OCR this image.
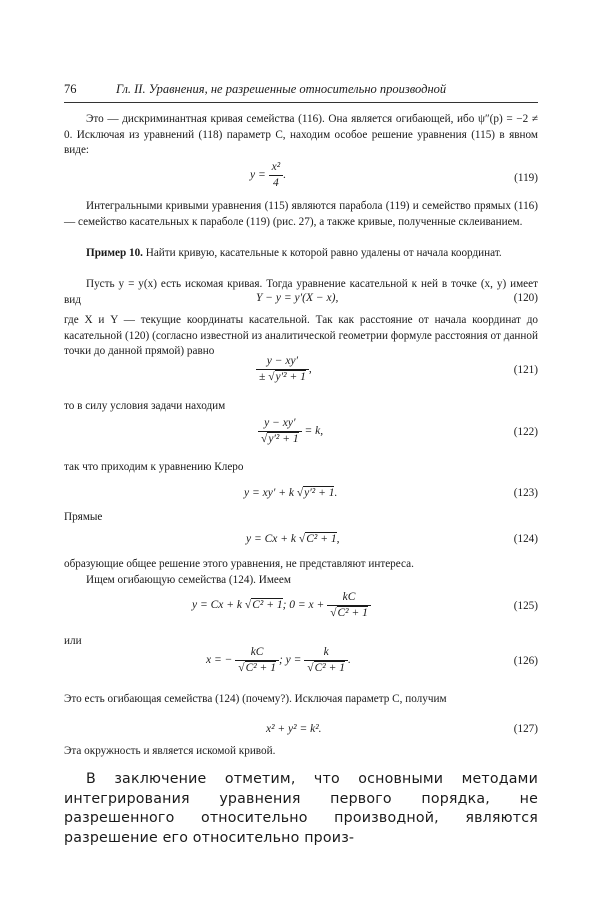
76	Гл. II. Уравнения, не разрешенные относительно производной
Это — дискриминантная кривая семейства (116). Она является огибающей, ибо ψ″(p) = −2 ≠ 0. Исключая из уравнений (118) параметр C, находим особое решение уравнения (115) в явном виде:
$y = \frac{\text{x²}}{4}$ .	(119)
Интегральными кривыми уравнения (115) являются парабола (119) и семейство прямых (116) — семейство касательных к параболе (119) (рис. 27), а также кривые, полученные склеиванием.
Пример 10. Найти кривую, касательные к которой равно удалены от начала координат.
Пусть y = y(x) есть искомая кривая. Тогда уравнение касательной к ней в точке (x, y) имеет вид	Y − y = y′(X − x),	(120)
где X и Y — текущие координаты касательной. Так как расстояние от начала координат до касательной (120) (согласно известной из аналитической геометрии формуле расстояния от данной точки до данной прямой) равно
$\frac{y - xy'}{\text{± √y′² + 1}}$ ,	(121)
то в силу условия задачи находим
$\frac{y - xy'}{\text{√y′² + 1}} = k$,	(122)
так что приходим к уравнению Клеро
y = xy′ + k √y′² + 1.	(123)
Прямые
y = Cx + k √C² + 1,	(124)
образующие общее решение этого уравнения, не представляют интереса.
Ищем огибающую семейства (124). Имеем
y = Cx + k √C² + 1; $0 = x + \frac{kC}{\text{√C² + 1}}$	(125)
или
x = − $\frac{kC}{\text{√C² + 1}}$ ; $y = \frac{k}{\text{√C² + 1}}$ .	(126)
Это есть огибающая семейства (124) (почему?). Исключая параметр C, получим
x² + y² = k².	(127)
Эта окружность и является искомой кривой.
В заключение отметим, что основными методами интегрирования уравнения первого порядка, не разрешенного относительно производной, являются разрешение его относительно произ-
